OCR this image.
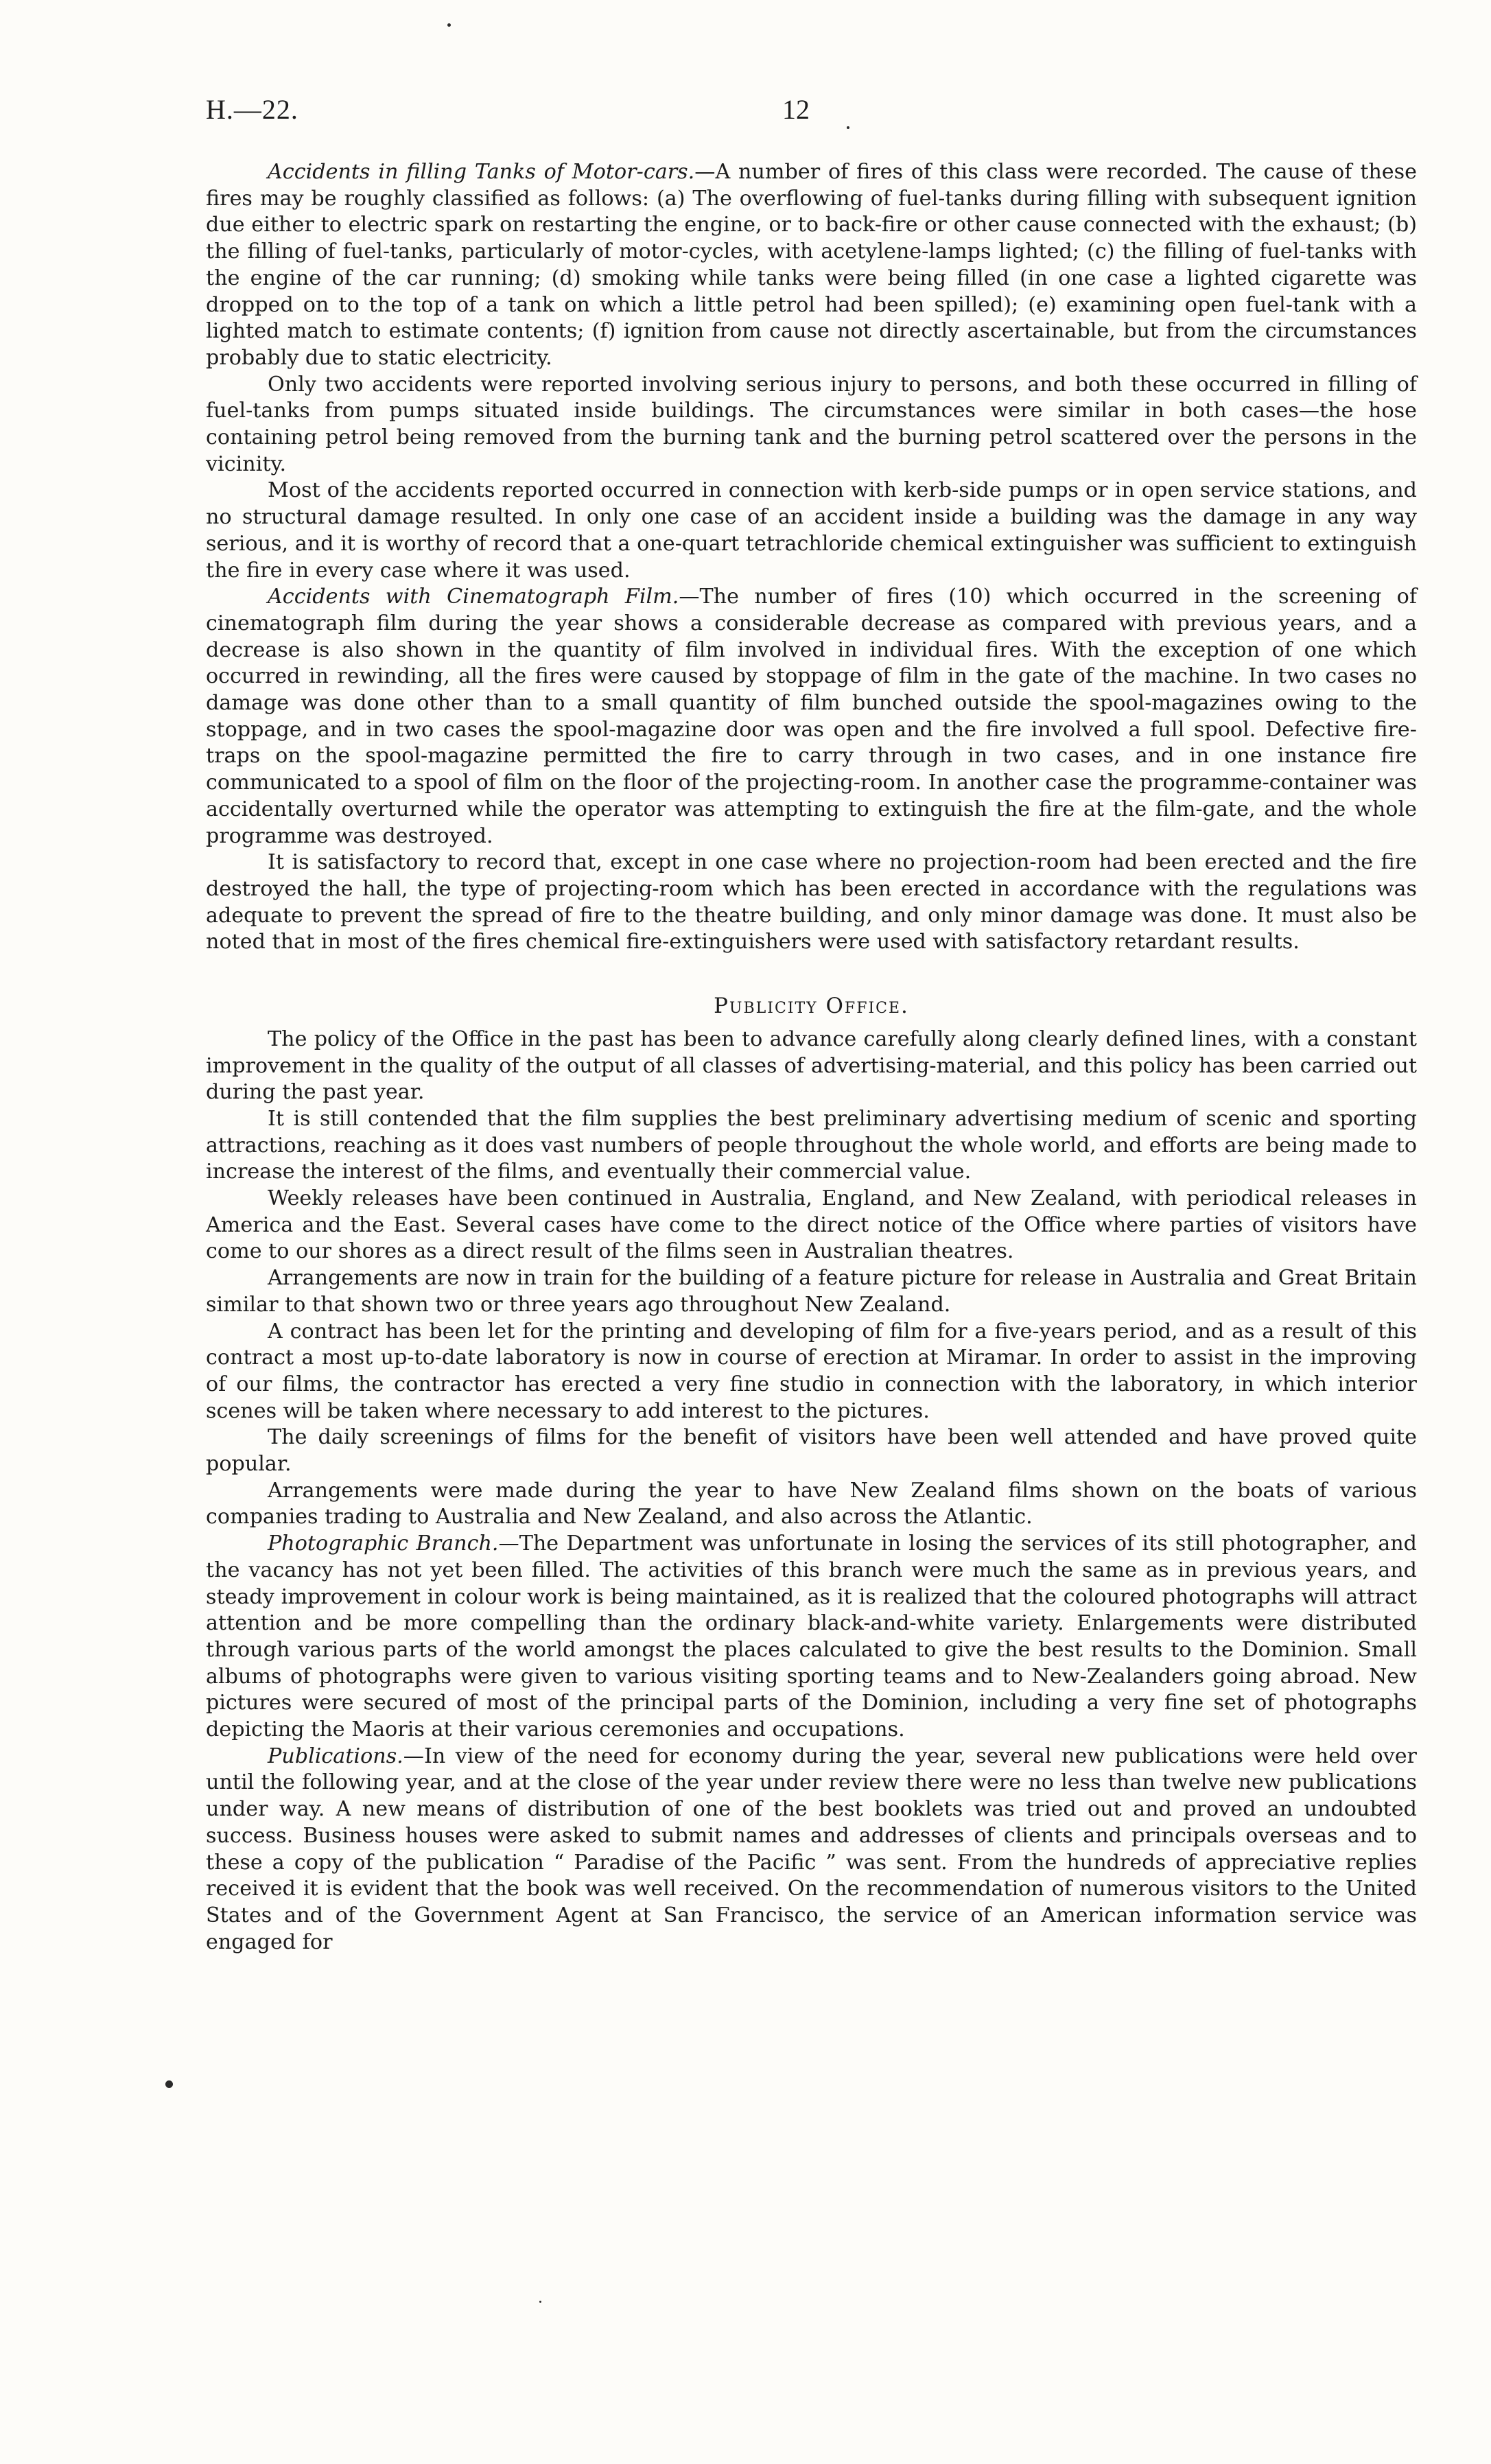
H.—22.	12

Accidents in filling Tanks of Motor-cars.—A number of fires of this class were recorded. The cause of these fires may be roughly classified as follows: (a) The overflowing of fuel-tanks during filling with subsequent ignition due either to electric spark on restarting the engine, or to back-fire or other cause connected with the exhaust; (b) the filling of fuel-tanks, particularly of motor-cycles, with acetylene-lamps lighted; (c) the filling of fuel-tanks with the engine of the car running; (d) smoking while tanks were being filled (in one case a lighted cigarette was dropped on to the top of a tank on which a little petrol had been spilled); (e) examining open fuel-tank with a lighted match to estimate contents; (f) ignition from cause not directly ascertainable, but from the circumstances probably due to static electricity.

Only two accidents were reported involving serious injury to persons, and both these occurred in filling of fuel-tanks from pumps situated inside buildings. The circumstances were similar in both cases—the hose containing petrol being removed from the burning tank and the burning petrol scattered over the persons in the vicinity.

Most of the accidents reported occurred in connection with kerb-side pumps or in open service stations, and no structural damage resulted. In only one case of an accident inside a building was the damage in any way serious, and it is worthy of record that a one-quart tetrachloride chemical extinguisher was sufficient to extinguish the fire in every case where it was used.

Accidents with Cinematograph Film.—The number of fires (10) which occurred in the screening of cinematograph film during the year shows a considerable decrease as compared with previous years, and a decrease is also shown in the quantity of film involved in individual fires. With the exception of one which occurred in rewinding, all the fires were caused by stoppage of film in the gate of the machine. In two cases no damage was done other than to a small quantity of film bunched outside the spool-magazines owing to the stoppage, and in two cases the spool-magazine door was open and the fire involved a full spool. Defective fire-traps on the spool-magazine permitted the fire to carry through in two cases, and in one instance fire communicated to a spool of film on the floor of the projecting-room. In another case the programme-container was accidentally overturned while the operator was attempting to extinguish the fire at the film-gate, and the whole programme was destroyed.

It is satisfactory to record that, except in one case where no projection-room had been erected and the fire destroyed the hall, the type of projecting-room which has been erected in accordance with the regulations was adequate to prevent the spread of fire to the theatre building, and only minor damage was done. It must also be noted that in most of the fires chemical fire-extinguishers were used with satisfactory retardant results.

Publicity Office.

The policy of the Office in the past has been to advance carefully along clearly defined lines, with a constant improvement in the quality of the output of all classes of advertising-material, and this policy has been carried out during the past year.

It is still contended that the film supplies the best preliminary advertising medium of scenic and sporting attractions, reaching as it does vast numbers of people throughout the whole world, and efforts are being made to increase the interest of the films, and eventually their commercial value.

Weekly releases have been continued in Australia, England, and New Zealand, with periodical releases in America and the East. Several cases have come to the direct notice of the Office where parties of visitors have come to our shores as a direct result of the films seen in Australian theatres.

Arrangements are now in train for the building of a feature picture for release in Australia and Great Britain similar to that shown two or three years ago throughout New Zealand.

A contract has been let for the printing and developing of film for a five-years period, and as a result of this contract a most up-to-date laboratory is now in course of erection at Miramar. In order to assist in the improving of our films, the contractor has erected a very fine studio in connection with the laboratory, in which interior scenes will be taken where necessary to add interest to the pictures.

The daily screenings of films for the benefit of visitors have been well attended and have proved quite popular.

Arrangements were made during the year to have New Zealand films shown on the boats of various companies trading to Australia and New Zealand, and also across the Atlantic.

Photographic Branch.—The Department was unfortunate in losing the services of its still photographer, and the vacancy has not yet been filled. The activities of this branch were much the same as in previous years, and steady improvement in colour work is being maintained, as it is realized that the coloured photographs will attract attention and be more compelling than the ordinary black-and-white variety. Enlargements were distributed through various parts of the world amongst the places calculated to give the best results to the Dominion. Small albums of photographs were given to various visiting sporting teams and to New-Zealanders going abroad. New pictures were secured of most of the principal parts of the Dominion, including a very fine set of photographs depicting the Maoris at their various ceremonies and occupations.

Publications.—In view of the need for economy during the year, several new publications were held over until the following year, and at the close of the year under review there were no less than twelve new publications under way. A new means of distribution of one of the best booklets was tried out and proved an undoubted success. Business houses were asked to submit names and addresses of clients and principals overseas and to these a copy of the publication “ Paradise of the Pacific ” was sent. From the hundreds of appreciative replies received it is evident that the book was well received. On the recommendation of numerous visitors to the United States and of the Government Agent at San Francisco, the service of an American information service was engaged for
